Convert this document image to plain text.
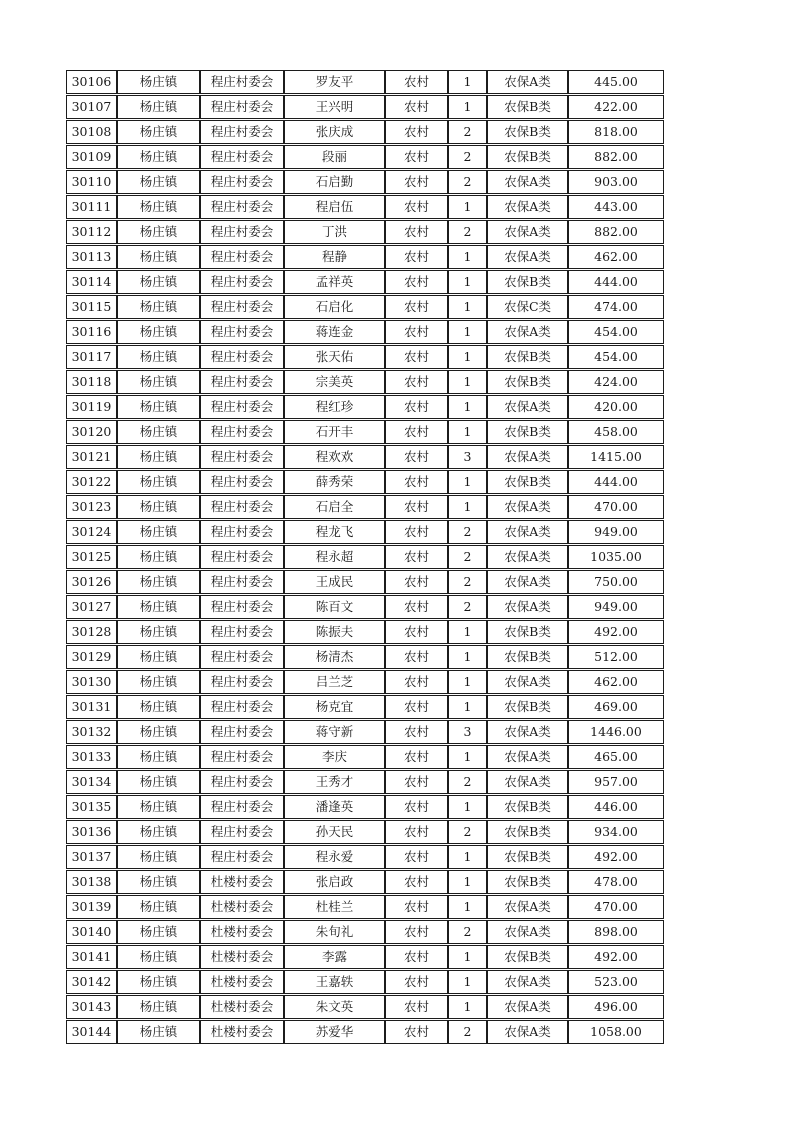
30106	杨庄镇	程庄村委会	罗友平	农村	1	农保A类	445.00
30107	杨庄镇	程庄村委会	王兴明	农村	1	农保B类	422.00
30108	杨庄镇	程庄村委会	张庆成	农村	2	农保B类	818.00
30109	杨庄镇	程庄村委会	段丽	农村	2	农保B类	882.00
30110	杨庄镇	程庄村委会	石启勤	农村	2	农保A类	903.00
30111	杨庄镇	程庄村委会	程启伍	农村	1	农保A类	443.00
30112	杨庄镇	程庄村委会	丁洪	农村	2	农保A类	882.00
30113	杨庄镇	程庄村委会	程静	农村	1	农保A类	462.00
30114	杨庄镇	程庄村委会	孟祥英	农村	1	农保B类	444.00
30115	杨庄镇	程庄村委会	石启化	农村	1	农保C类	474.00
30116	杨庄镇	程庄村委会	蒋连金	农村	1	农保A类	454.00
30117	杨庄镇	程庄村委会	张天佑	农村	1	农保B类	454.00
30118	杨庄镇	程庄村委会	宗美英	农村	1	农保B类	424.00
30119	杨庄镇	程庄村委会	程红珍	农村	1	农保A类	420.00
30120	杨庄镇	程庄村委会	石开丰	农村	1	农保B类	458.00
30121	杨庄镇	程庄村委会	程欢欢	农村	3	农保A类	1415.00
30122	杨庄镇	程庄村委会	薛秀荣	农村	1	农保B类	444.00
30123	杨庄镇	程庄村委会	石启全	农村	1	农保A类	470.00
30124	杨庄镇	程庄村委会	程龙飞	农村	2	农保A类	949.00
30125	杨庄镇	程庄村委会	程永超	农村	2	农保A类	1035.00
30126	杨庄镇	程庄村委会	王成民	农村	2	农保A类	750.00
30127	杨庄镇	程庄村委会	陈百文	农村	2	农保A类	949.00
30128	杨庄镇	程庄村委会	陈振夫	农村	1	农保B类	492.00
30129	杨庄镇	程庄村委会	杨清杰	农村	1	农保B类	512.00
30130	杨庄镇	程庄村委会	吕兰芝	农村	1	农保A类	462.00
30131	杨庄镇	程庄村委会	杨克宜	农村	1	农保B类	469.00
30132	杨庄镇	程庄村委会	蒋守新	农村	3	农保A类	1446.00
30133	杨庄镇	程庄村委会	李庆	农村	1	农保A类	465.00
30134	杨庄镇	程庄村委会	王秀才	农村	2	农保A类	957.00
30135	杨庄镇	程庄村委会	潘逢英	农村	1	农保B类	446.00
30136	杨庄镇	程庄村委会	孙天民	农村	2	农保B类	934.00
30137	杨庄镇	程庄村委会	程永爱	农村	1	农保B类	492.00
30138	杨庄镇	杜楼村委会	张启政	农村	1	农保B类	478.00
30139	杨庄镇	杜楼村委会	杜桂兰	农村	1	农保A类	470.00
30140	杨庄镇	杜楼村委会	朱旬礼	农村	2	农保A类	898.00
30141	杨庄镇	杜楼村委会	李露	农村	1	农保B类	492.00
30142	杨庄镇	杜楼村委会	王嘉轶	农村	1	农保A类	523.00
30143	杨庄镇	杜楼村委会	朱文英	农村	1	农保A类	496.00
30144	杨庄镇	杜楼村委会	苏爱华	农村	2	农保A类	1058.00
